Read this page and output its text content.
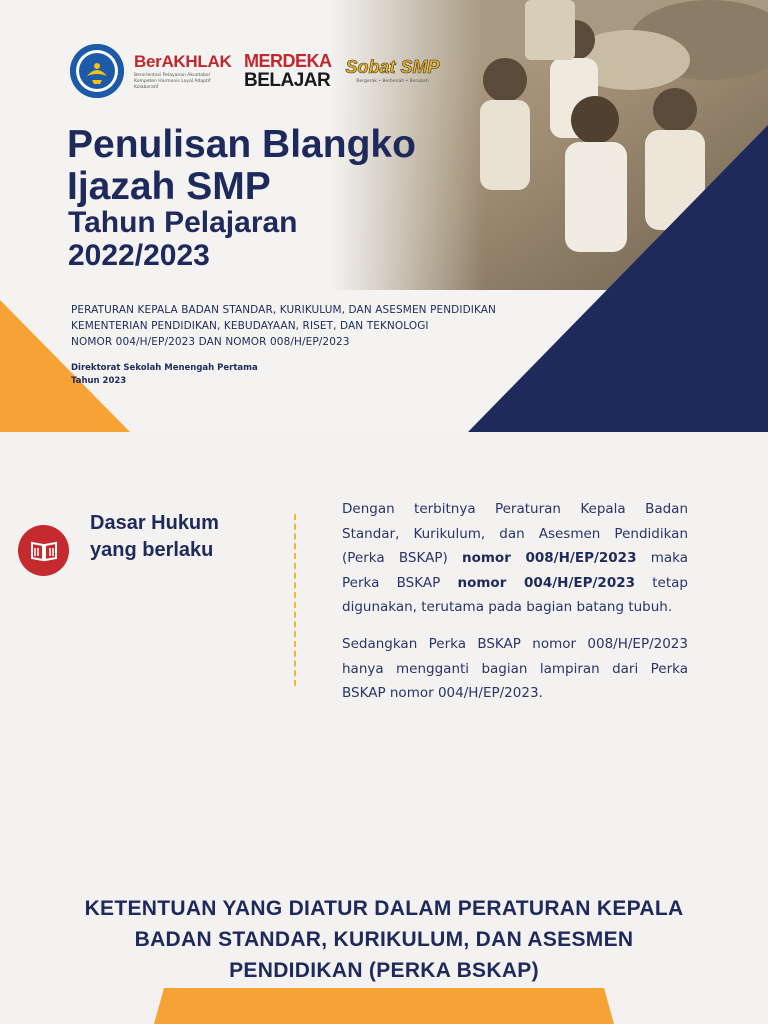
BerAKHLAK
Berorientasi Pelayanan Akuntabel Kompeten Harmonis Loyal Adaptif Kolaboratif
MERDEKA
BELAJAR
Sobat SMP
Bergerak • Berbenah • Berubah
Penulisan Blangko
Ijazah SMP
Tahun Pelajaran
2022/2023
PERATURAN KEPALA BADAN STANDAR, KURIKULUM, DAN ASESMEN PENDIDIKAN
KEMENTERIAN PENDIDIKAN, KEBUDAYAAN, RISET, DAN TEKNOLOGI
NOMOR 004/H/EP/2023 DAN NOMOR 008/H/EP/2023
Direktorat Sekolah Menengah Pertama
Tahun 2023
Dasar Hukum
yang berlaku

Dengan terbitnya Peraturan Kepala Badan Standar, Kurikulum, dan Asesmen Pendidikan (Perka BSKAP) nomor 008/H/EP/2023 maka Perka BSKAP nomor 004/H/EP/2023 tetap digunakan, terutama pada bagian batang tubuh.

Sedangkan Perka BSKAP nomor 008/H/EP/2023 hanya mengganti bagian lampiran dari Perka BSKAP nomor 004/H/EP/2023.

KETENTUAN YANG DIATUR DALAM PERATURAN KEPALA BADAN STANDAR, KURIKULUM, DAN ASESMEN PENDIDIKAN (PERKA BSKAP)
